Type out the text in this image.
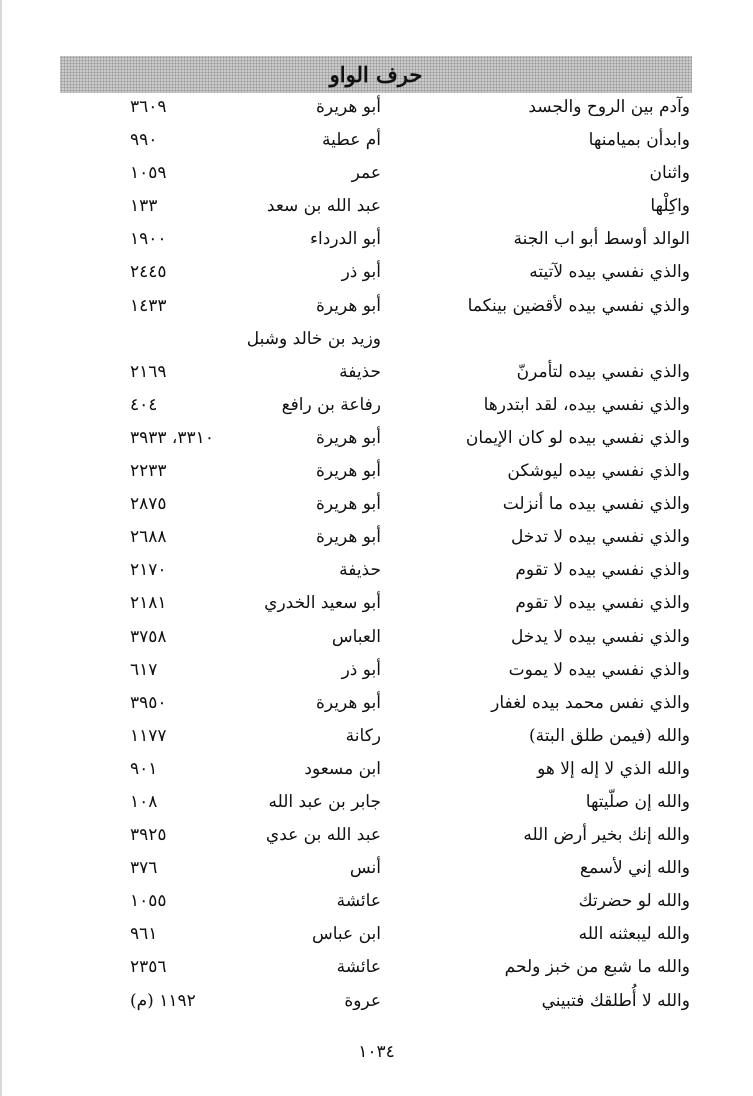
حرف الواو
وآدم بين الروح والجسد
أبو هريرة
٣٦٠٩
وابدأن بميامنها
أم عطية
٩٩٠
واثنان
عمر
١٠٥٩
واكِلْها
عبد الله بن سعد
١٣٣
الوالد أوسط أبو اب الجنة
أبو الدرداء
١٩٠٠
والذي نفسي بيده لآتيته
أبو ذر
٢٤٤٥
والذي نفسي بيده لأقضين بينكما
أبو هريرة
١٤٣٣
وزيد بن خالد وشبل
والذي نفسي بيده لتأمرنّ
حذيفة
٢١٦٩
والذي نفسي بيده، لقد ابتدرها
رفاعة بن رافع
٤٠٤
والذي نفسي بيده لو كان الإيمان
أبو هريرة
٣٣١٠، ٣٩٣٣
والذي نفسي بيده ليوشكن
أبو هريرة
٢٢٣٣
والذي نفسي بيده ما أنزلت
أبو هريرة
٢٨٧٥
والذي نفسي بيده لا تدخل
أبو هريرة
٢٦٨٨
والذي نفسي بيده لا تقوم
حذيفة
٢١٧٠
والذي نفسي بيده لا تقوم
أبو سعيد الخدري
٢١٨١
والذي نفسي بيده لا يدخل
العباس
٣٧٥٨
والذي نفسي بيده لا يموت
أبو ذر
٦١٧
والذي نفس محمد بيده لغفار
أبو هريرة
٣٩٥٠
والله (فيمن طلق البتة)
ركانة
١١٧٧
والله الذي لا إله إلا هو
ابن مسعود
٩٠١
والله إن صلّيتها
جابر بن عبد الله
١٠٨
والله إنك بخير أرض الله
عبد الله بن عدي
٣٩٢٥
والله إني لأسمع
أنس
٣٧٦
والله لو حضرتك
عائشة
١٠٥٥
والله ليبعثنه الله
ابن عباس
٩٦١
والله ما شبع من خبز ولحم
عائشة
٢٣٥٦
والله لا أُطلقك فتبيني
عروة
١١٩٢ (م)
١٠٣٤
